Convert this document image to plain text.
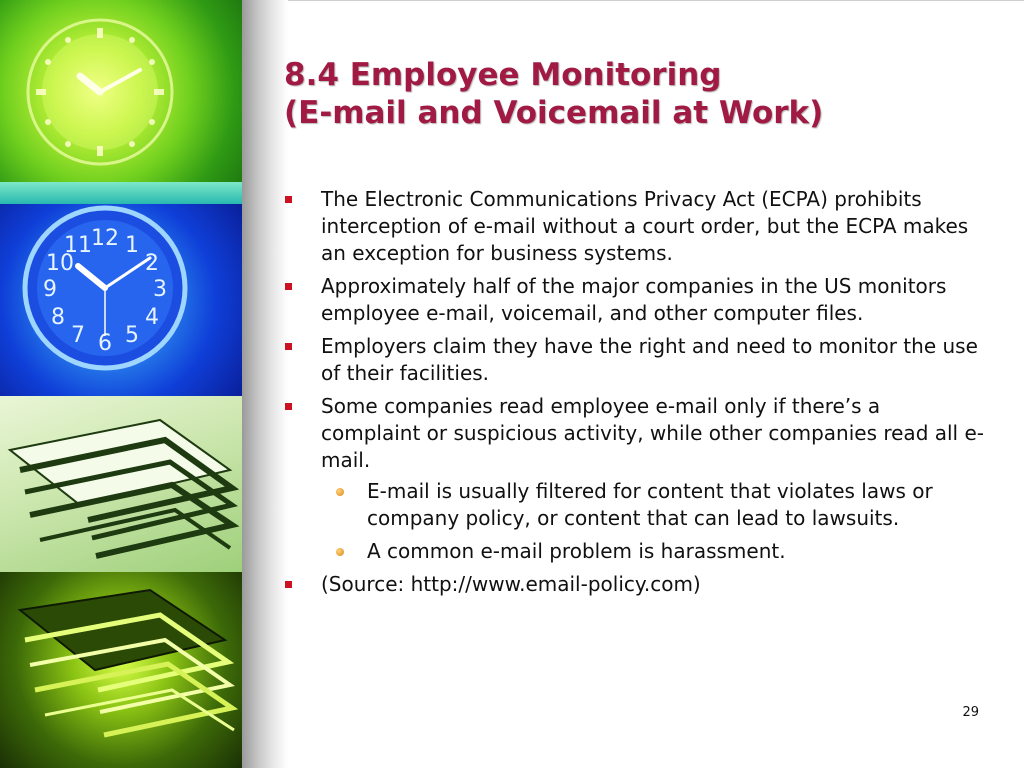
12 1
2
3
4
5
6
7
8
9
10
11
8.4 Employee Monitoring
(E-mail and Voicemail at Work)
The Electronic Communications Privacy Act (ECPA) prohibits interception of e-mail without a court order, but the ECPA makes an exception for business systems.
Approximately half of the major companies in the US monitors employee e-mail, voicemail, and other computer files.
Employers claim they have the right and need to monitor the use of their facilities.
Some companies read employee e-mail only if there’s a complaint or suspicious activity, while other companies read all e-mail.
E-mail is usually filtered for content that violates laws or company policy, or content that can lead to lawsuits.
A common e-mail problem is harassment.
(Source: http://www.email-policy.com)
29
